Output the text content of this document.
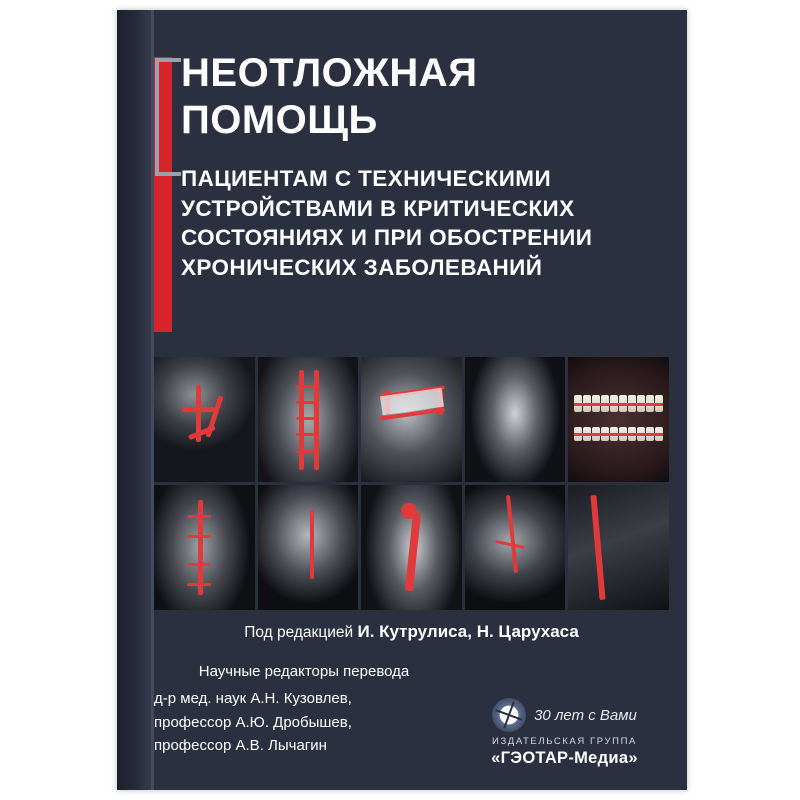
НЕОТЛОЖНАЯ ПОМОЩЬ
ПАЦИЕНТАМ С ТЕХНИЧЕСКИМИ УСТРОЙСТВАМИ В КРИТИЧЕСКИХ СОСТОЯНИЯХ И ПРИ ОБОСТРЕНИИ ХРОНИЧЕСКИХ ЗАБОЛЕВАНИЙ

Под редакцией И. Кутрулиса, Н. Царухаса

Научные редакторы перевода
д-р мед. наук А.Н. Кузовлев,
профессор А.Ю. Дробышев,
профессор А.В. Лычагин
30 лет с Вами
ИЗДАТЕЛЬСКАЯ ГРУППА
«ГЭОТАР-Медиа»
